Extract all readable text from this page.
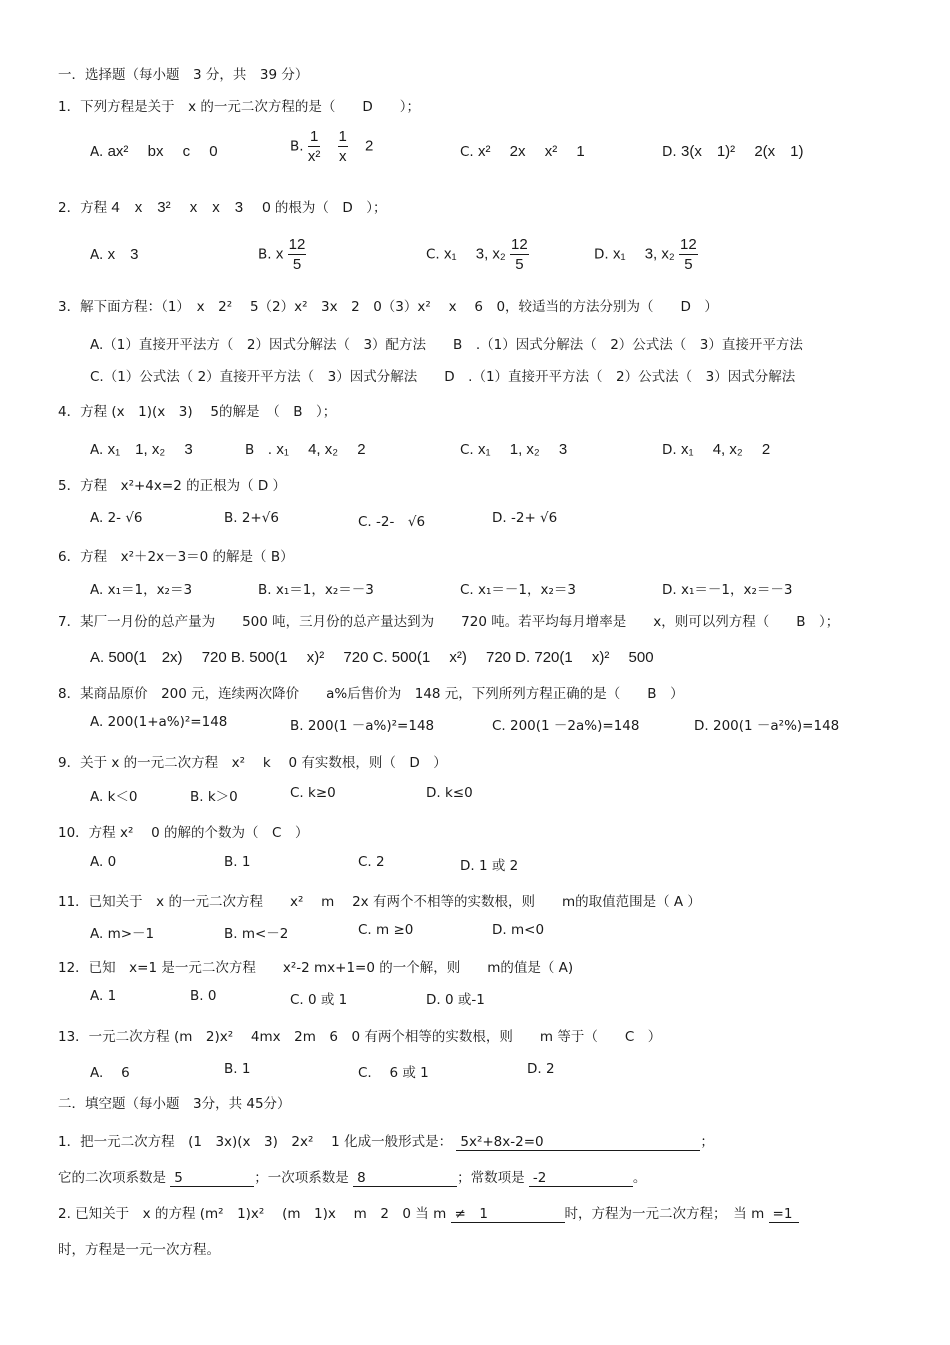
一．选择题（每小题　3 分，共　39 分）
1．下列方程是关于　x 的一元二次方程的是（　　D　　）；
A. ax² 　bx　 c　 0	B. $\frac{1}{\text{x²}}$
$\frac{1}{x} 2$	C. x²　 2x　 x²　 1	D. 3(x　1)²　 2(x　1)
2．方程 4　x　3²　 x　x　3　 0 的根为（　D　）；
A. x　3	B. x $\frac{12}{5}$	C. x₁　 3, $x_2 \frac{12}{5}$	D. x₁　 3, $x_2 \frac{12}{5}$
3．解下面方程：（1）　x　2²　 5（2）x²　3x　2　0（3）x²　 x　 6　0，较适当的方法分别为（　　D　）
A.（1）直接开平法方（　2）因式分解法（　3）配方法　　B　.（1）因式分解法（　2）公式法（　3）直接开平方法
C.（1）公式法（ 2）直接开平方法（　3）因式分解法　　D　.（1）直接开平方法（　2）公式法（　3）因式分解法
4．方程 (x　1)(x　3)　 5的解是　（　B　）；
A. x₁　1, x₂　 3	B　. x₁　 4, x₂　 2	C. x₁　 1, x₂　 3	D. x₁　 4, x₂　 2
5．方程　x²+4x=2 的正根为（ D ）
A. 2- √6	B. 2+√6	C. -2-　√6	D. -2+ √6
6．方程　x²＋2x－3＝0 的解是（ B）
A. x₁＝1，x₂＝3	B. x₁＝1，x₂＝－3	C. x₁＝－1，x₂＝3	D. x₁＝－1，x₂＝－3
7．某厂一月份的总产量为　　500 吨，三月份的总产量达到为　　720 吨。若平均每月增率是　　x，则可以列方程（　　B　）；
A. 500(1　2x)　 720 B. 500(1　 x)²　 720 C. 500(1　 x²)　 720 D. 720(1　 x)²　 500
8．某商品原价　200 元，连续两次降价　　a%后售价为　148 元，下列所列方程正确的是（　　B　）
A. 200(1+a%)²=148	B. 200(1 －a%)²=148	C. 200(1 －2a%)=148	D. 200(1 －a²%)=148
9．关于 x 的一元二次方程　x²　 k　 0 有实数根，则（　D　）
A. k＜0	B. k＞0	C. k≥0	D. k≤0
10．方程 x²　 0 的解的个数为（　C　）
A. 0	B. 1	C. 2	D. 1 或 2
11．已知关于　x 的一元二次方程　　x²　 m　 2x 有两个不相等的实数根，则　　m的取值范围是（ A ）
A. m>－1	B. m<－2	C. m ≥0	D. m<0
12．已知　x=1 是一元二次方程　　x²-2 mx+1=0 的一个解，则　　m的值是（ A)
A. 1	B. 0	C. 0 或 1	D. 0 或-1
13．一元二次方程 (m　2)x²　 4mx　2m　6　0 有两个相等的实数根，则　　m 等于（　　C　）
A.　 6	B. 1	C.　 6 或 1	D. 2
二．填空题（每小题　3分，共 45分）
1．把一元二次方程　(1　3x)(x　3)　2x²　 1 化成一般形式是： 5x²+8x-2=0	；
它的二次项系数是 5	；一次项系数是 8	；常数项是 -2	。
2. 已知关于　x 的方程 (m²　1)x²　 (m　1)x　 m　2　0 当 m ≠　1	时，方程为一元二次方程；　当 m =1
时，方程是一元一次方程。
